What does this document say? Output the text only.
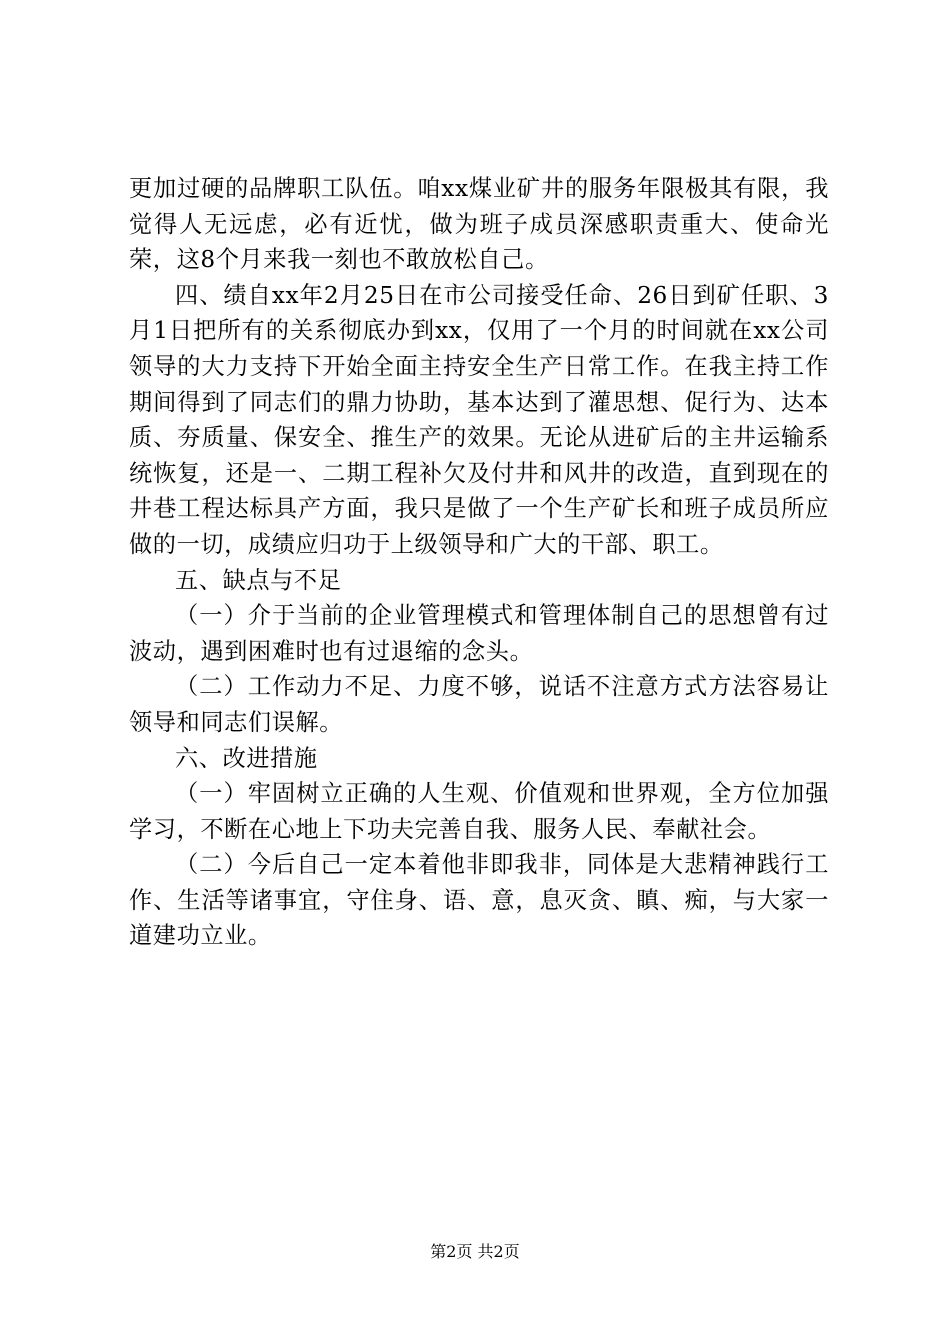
更加过硬的品牌职工队伍。咱xx煤业矿井的服务年限极其有限，我觉得人无远虑，必有近忧，做为班子成员深感职责重大、使命光荣，这8个月来我一刻也不敢放松自己。

四、绩自xx年2月25日在市公司接受任命、26日到矿任职、3月1日把所有的关系彻底办到xx，仅用了一个月的时间就在xx公司领导的大力支持下开始全面主持安全生产日常工作。在我主持工作期间得到了同志们的鼎力协助，基本达到了灌思想、促行为、达本质、夯质量、保安全、推生产的效果。无论从进矿后的主井运输系统恢复，还是一、二期工程补欠及付井和风井的改造，直到现在的井巷工程达标具产方面，我只是做了一个生产矿长和班子成员所应做的一切，成绩应归功于上级领导和广大的干部、职工。

五、缺点与不足

（一）介于当前的企业管理模式和管理体制自己的思想曾有过波动，遇到困难时也有过退缩的念头。

（二）工作动力不足、力度不够，说话不注意方式方法容易让领导和同志们误解。

六、改进措施

（一）牢固树立正确的人生观、价值观和世界观，全方位加强学习，不断在心地上下功夫完善自我、服务人民、奉献社会。

（二）今后自己一定本着他非即我非，同体是大悲精神践行工作、生活等诸事宜，守住身、语、意，息灭贪、瞋、痴，与大家一道建功立业。

第2页 共2页
